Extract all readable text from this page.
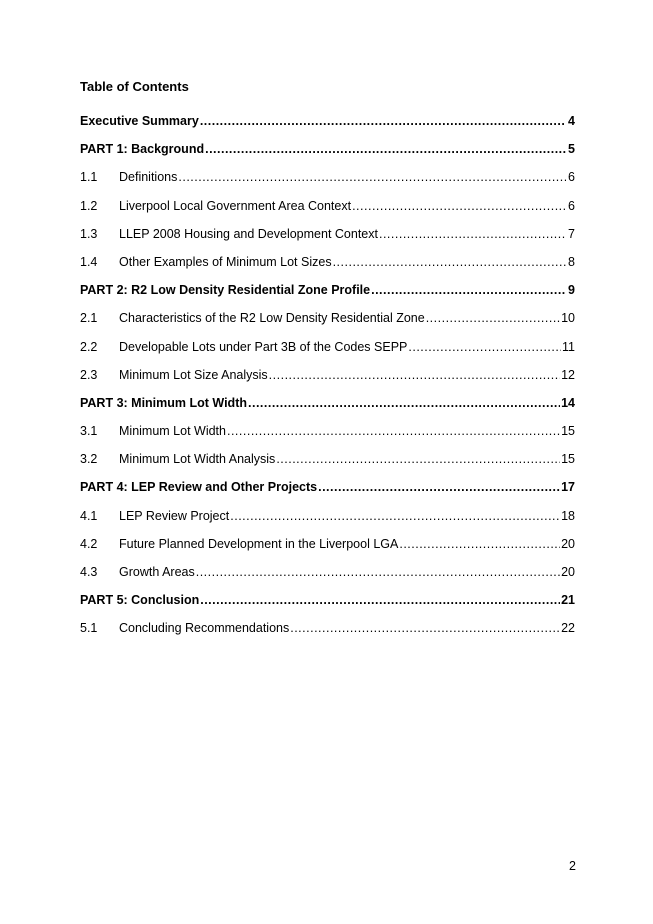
Table of Contents
Executive Summary .....	4
PART 1: Background .....	5
1.1	Definitions .....	6
1.2	Liverpool Local Government Area Context .....	6
1.3	LLEP 2008 Housing and Development Context .....	7
1.4	Other Examples of Minimum Lot Sizes .....	8
PART 2: R2 Low Density Residential Zone Profile .....	9
2.1	Characteristics of the R2 Low Density Residential Zone .....	10
2.2	Developable Lots under Part 3B of the Codes SEPP .....	11
2.3	Minimum Lot Size Analysis .....	12
PART 3: Minimum Lot Width .....	14
3.1	Minimum Lot Width .....	15
3.2	Minimum Lot Width Analysis .....	15
PART 4: LEP Review and Other Projects .....	17
4.1	LEP Review Project .....	18
4.2	Future Planned Development in the Liverpool LGA .....	20
4.3	Growth Areas .....	20
PART 5: Conclusion .....	21
5.1	Concluding Recommendations .....	22
2
